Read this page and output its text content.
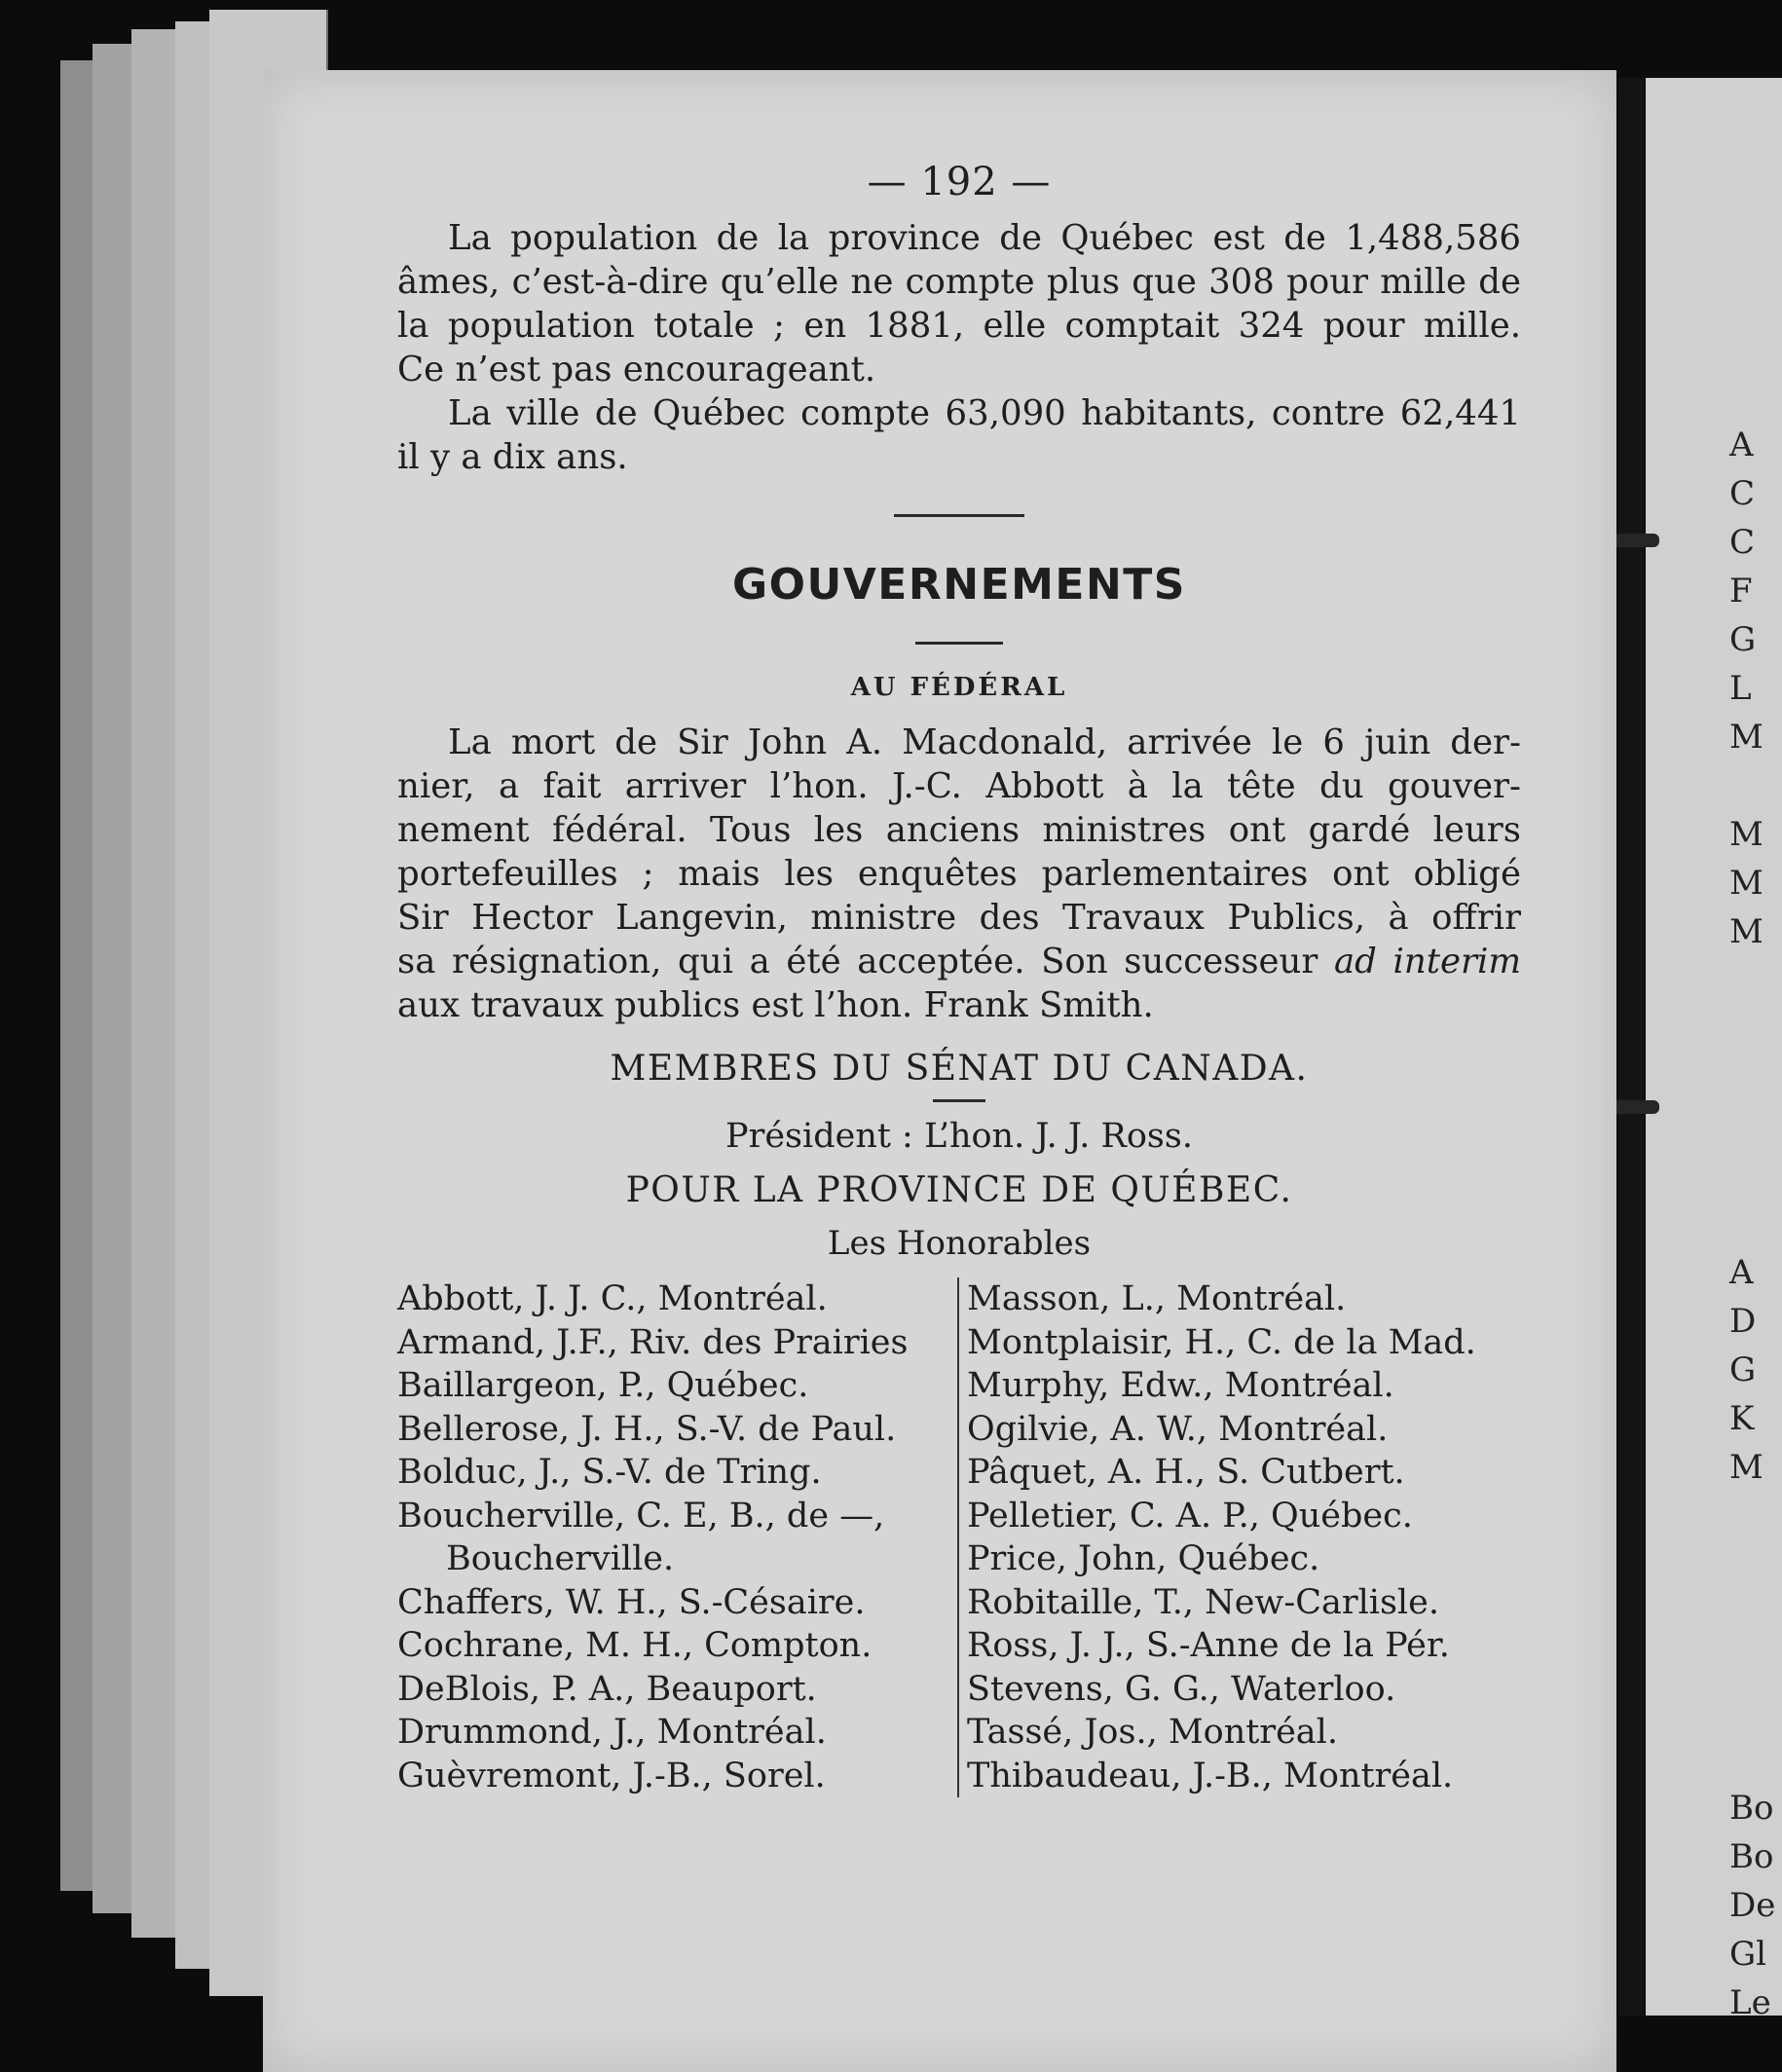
A
C
C
F
G
L
M
M
M
M
A
D
G
K
M
Bo
Bo
De
Gl
Le
— 192 —

La population de la province de Québec est de 1,488,586
âmes, c’est-à-dire qu’elle ne compte plus que 308 pour mille de
la population totale ; en 1881, elle comptait 324 pour mille.
Ce n’est pas encourageant.

La ville de Québec compte 63,090 habitants, contre 62,441
il y a dix ans.

GOUVERNEMENTS
AU FÉDÉRAL

La mort de Sir John A. Macdonald, arrivée le 6 juin der-
nier, a fait arriver l’hon. J.-C. Abbott à la tête du gouver-
nement fédéral. Tous les anciens ministres ont gardé leurs
portefeuilles ; mais les enquêtes parlementaires ont obligé
Sir Hector Langevin, ministre des Travaux Publics, à offrir
sa résignation, qui a été acceptée. Son successeur ad interim
aux travaux publics est l’hon. Frank Smith.

MEMBRES DU SÉNAT DU CANADA.
Président : L’hon. J. J. Ross.
POUR LA PROVINCE DE QUÉBEC.
Les Honorables
Abbott, J. J. C., Montréal.
Armand, J.F., Riv. des Prairies
Baillargeon, P., Québec.
Bellerose, J. H., S.-V. de Paul.
Bolduc, J., S.-V. de Tring.
Boucherville, C. E, B., de —,
Boucherville.
Chaffers, W. H., S.-Césaire.
Cochrane, M. H., Compton.
DeBlois, P. A., Beauport.
Drummond, J., Montréal.
Guèvremont, J.-B., Sorel.
Masson, L., Montréal.
Montplaisir, H., C. de la Mad.
Murphy, Edw., Montréal.
Ogilvie, A. W., Montréal.
Pâquet, A. H., S. Cutbert.
Pelletier, C. A. P., Québec.
Price, John, Québec.
Robitaille, T., New-Carlisle.
Ross, J. J., S.-Anne de la Pér.
Stevens, G. G., Waterloo.
Tassé, Jos., Montréal.
Thibaudeau, J.-B., Montréal.
